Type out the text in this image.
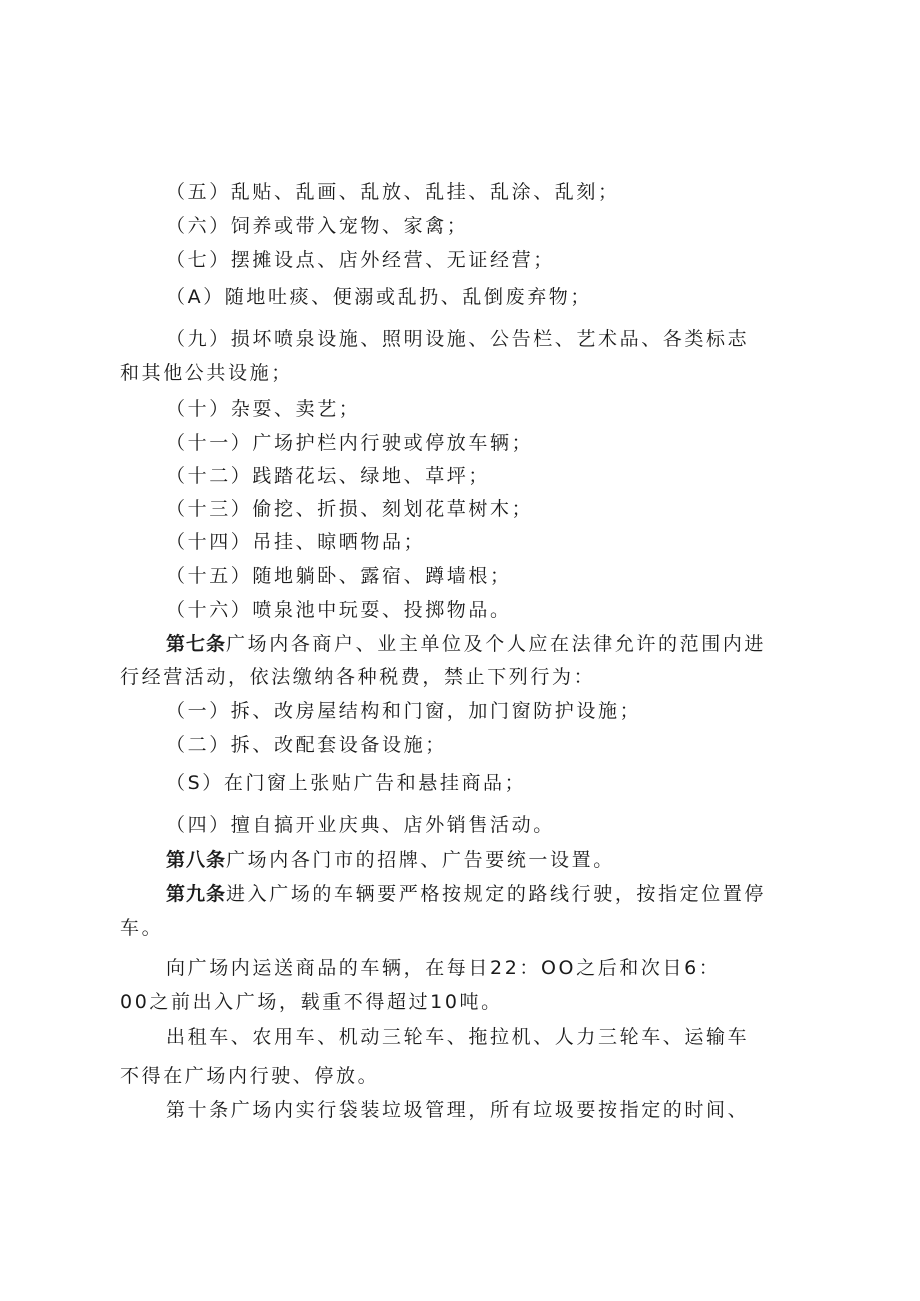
（五）乱贴、乱画、乱放、乱挂、乱涂、乱刻；
（六）饲养或带入宠物、家禽；
（七）摆摊设点、店外经营、无证经营；
（A）随地吐痰、便溺或乱扔、乱倒废弃物；
（九）损坏喷泉设施、照明设施、公告栏、艺术品、各类标志
和其他公共设施；
（十）杂耍、卖艺；
（十一）广场护栏内行驶或停放车辆；
（十二）践踏花坛、绿地、草坪；
（十三）偷挖、折损、刻划花草树木；
（十四）吊挂、晾晒物品；
（十五）随地躺卧、露宿、蹲墙根；
（十六）喷泉池中玩耍、投掷物品。
第七条广场内各商户、业主单位及个人应在法律允许的范围内进
行经营活动，依法缴纳各种税费，禁止下列行为：
（一）拆、改房屋结构和门窗，加门窗防护设施；
（二）拆、改配套设备设施；
（S）在门窗上张贴广告和悬挂商品；
（四）擅自搞开业庆典、店外销售活动。
第八条广场内各门市的招牌、广告要统一设置。
第九条进入广场的车辆要严格按规定的路线行驶，按指定位置停
车。
向广场内运送商品的车辆，在每日22：OO之后和次日6：
00之前出入广场，载重不得超过10吨。
出租车、农用车、机动三轮车、拖拉机、人力三轮车、运输车
不得在广场内行驶、停放。
第十条广场内实行袋装垃圾管理，所有垃圾要按指定的时间、
